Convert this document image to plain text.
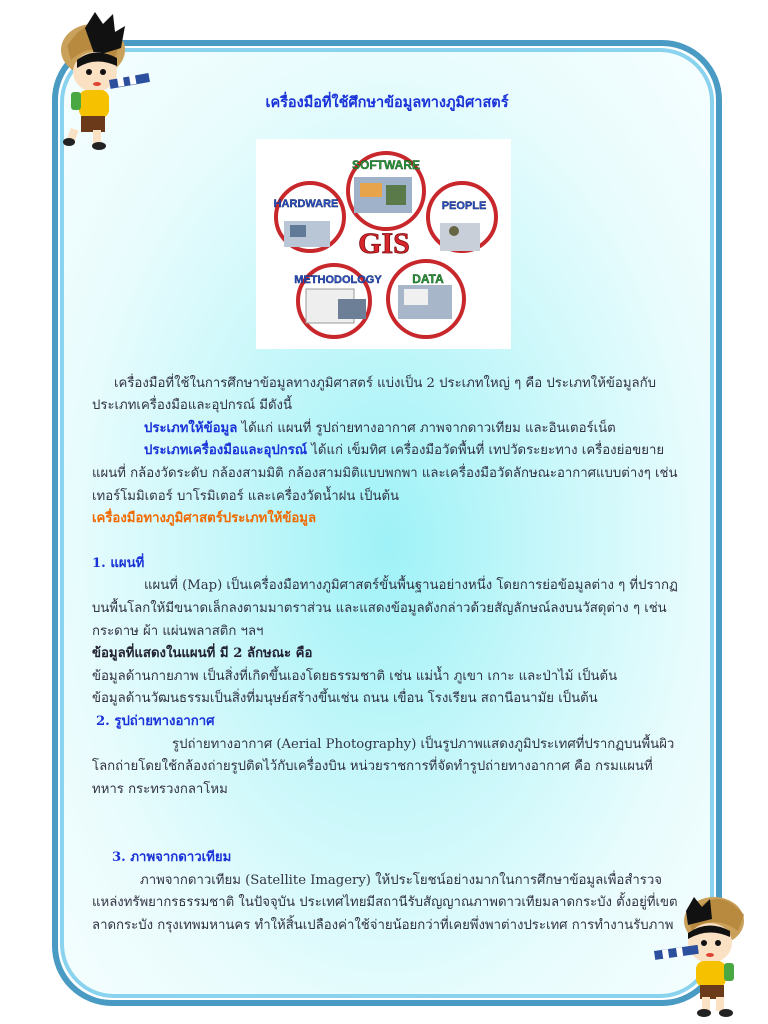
เครื่องมือที่ใช้ศึกษาข้อมูลทางภูมิศาสตร์
SOFTWARE
HARDWARE	PEOPLE
METHODOLOGY	DATA
GIS

เครื่องมือที่ใช้ในการศึกษาข้อมูลทางภูมิศาสตร์ แบ่งเป็น 2 ประเภทใหญ่ ๆ คือ ประเภทให้ข้อมูลกับประเภทเครื่องมือและอุปกรณ์ มีดังนี้

ประเภทให้ข้อมูล ได้แก่ แผนที่ รูปถ่ายทางอากาศ ภาพจากดาวเทียม และอินเตอร์เน็ต

ประเภทเครื่องมือและอุปกรณ์ ได้แก่ เข็มทิศ เครื่องมือวัดพื้นที่ เทปวัดระยะทาง เครื่องย่อขยายแผนที่ กล้องวัดระดับ กล้องสามมิติ กล้องสามมิติแบบพกพา และเครื่องมือวัดลักษณะอากาศแบบต่างๆ เช่น เทอร์โมมิเตอร์ บาโรมิเตอร์ และเครื่องวัดน้ำฝน เป็นต้น

เครื่องมือทางภูมิศาสตร์ประเภทให้ข้อมูล

1. แผนที่

แผนที่ (Map) เป็นเครื่องมือทางภูมิศาสตร์ขั้นพื้นฐานอย่างหนึ่ง โดยการย่อข้อมูลต่าง ๆ ที่ปรากฏบนพื้นโลกให้มีขนาดเล็กลงตามมาตราส่วน และแสดงข้อมูลดังกล่าวด้วยสัญลักษณ์ลงบนวัสดุต่าง ๆ เช่น กระดาษ ผ้า แผ่นพลาสติก ฯลฯ

ข้อมูลที่แสดงในแผนที่ มี 2 ลักษณะ คือ

ข้อมูลด้านกายภาพ เป็นสิ่งที่เกิดขึ้นเองโดยธรรมชาติ เช่น แม่น้ำ ภูเขา เกาะ และป่าไม้ เป็นต้น

ข้อมูลด้านวัฒนธรรมเป็นสิ่งที่มนุษย์สร้างขึ้นเช่น ถนน เขื่อน โรงเรียน สถานีอนามัย เป็นต้น

2. รูปถ่ายทางอากาศ

รูปถ่ายทางอากาศ (Aerial Photography) เป็นรูปภาพแสดงภูมิประเทศที่ปรากฏบนพื้นผิวโลกถ่ายโดยใช้กล้องถ่ายรูปติดไว้กับเครื่องบิน หน่วยราชการที่จัดทำรูปถ่ายทางอากาศ คือ กรมแผนที่ทหาร กระทรวงกลาโหม

3. ภาพจากดาวเทียม

ภาพจากดาวเทียม (Satellite Imagery) ให้ประโยชน์อย่างมากในการศึกษาข้อมูลเพื่อสำรวจแหล่งทรัพยากรธรรมชาติ ในปัจจุบัน ประเทศไทยมีสถานีรับสัญญาณภาพดาวเทียมลาดกระบัง ตั้งอยู่ที่เขตลาดกระบัง กรุงเทพมหานคร ทำให้สิ้นเปลืองค่าใช้จ่ายน้อยกว่าที่เคยพึ่งพาต่างประเทศ การทำงานรับภาพ
